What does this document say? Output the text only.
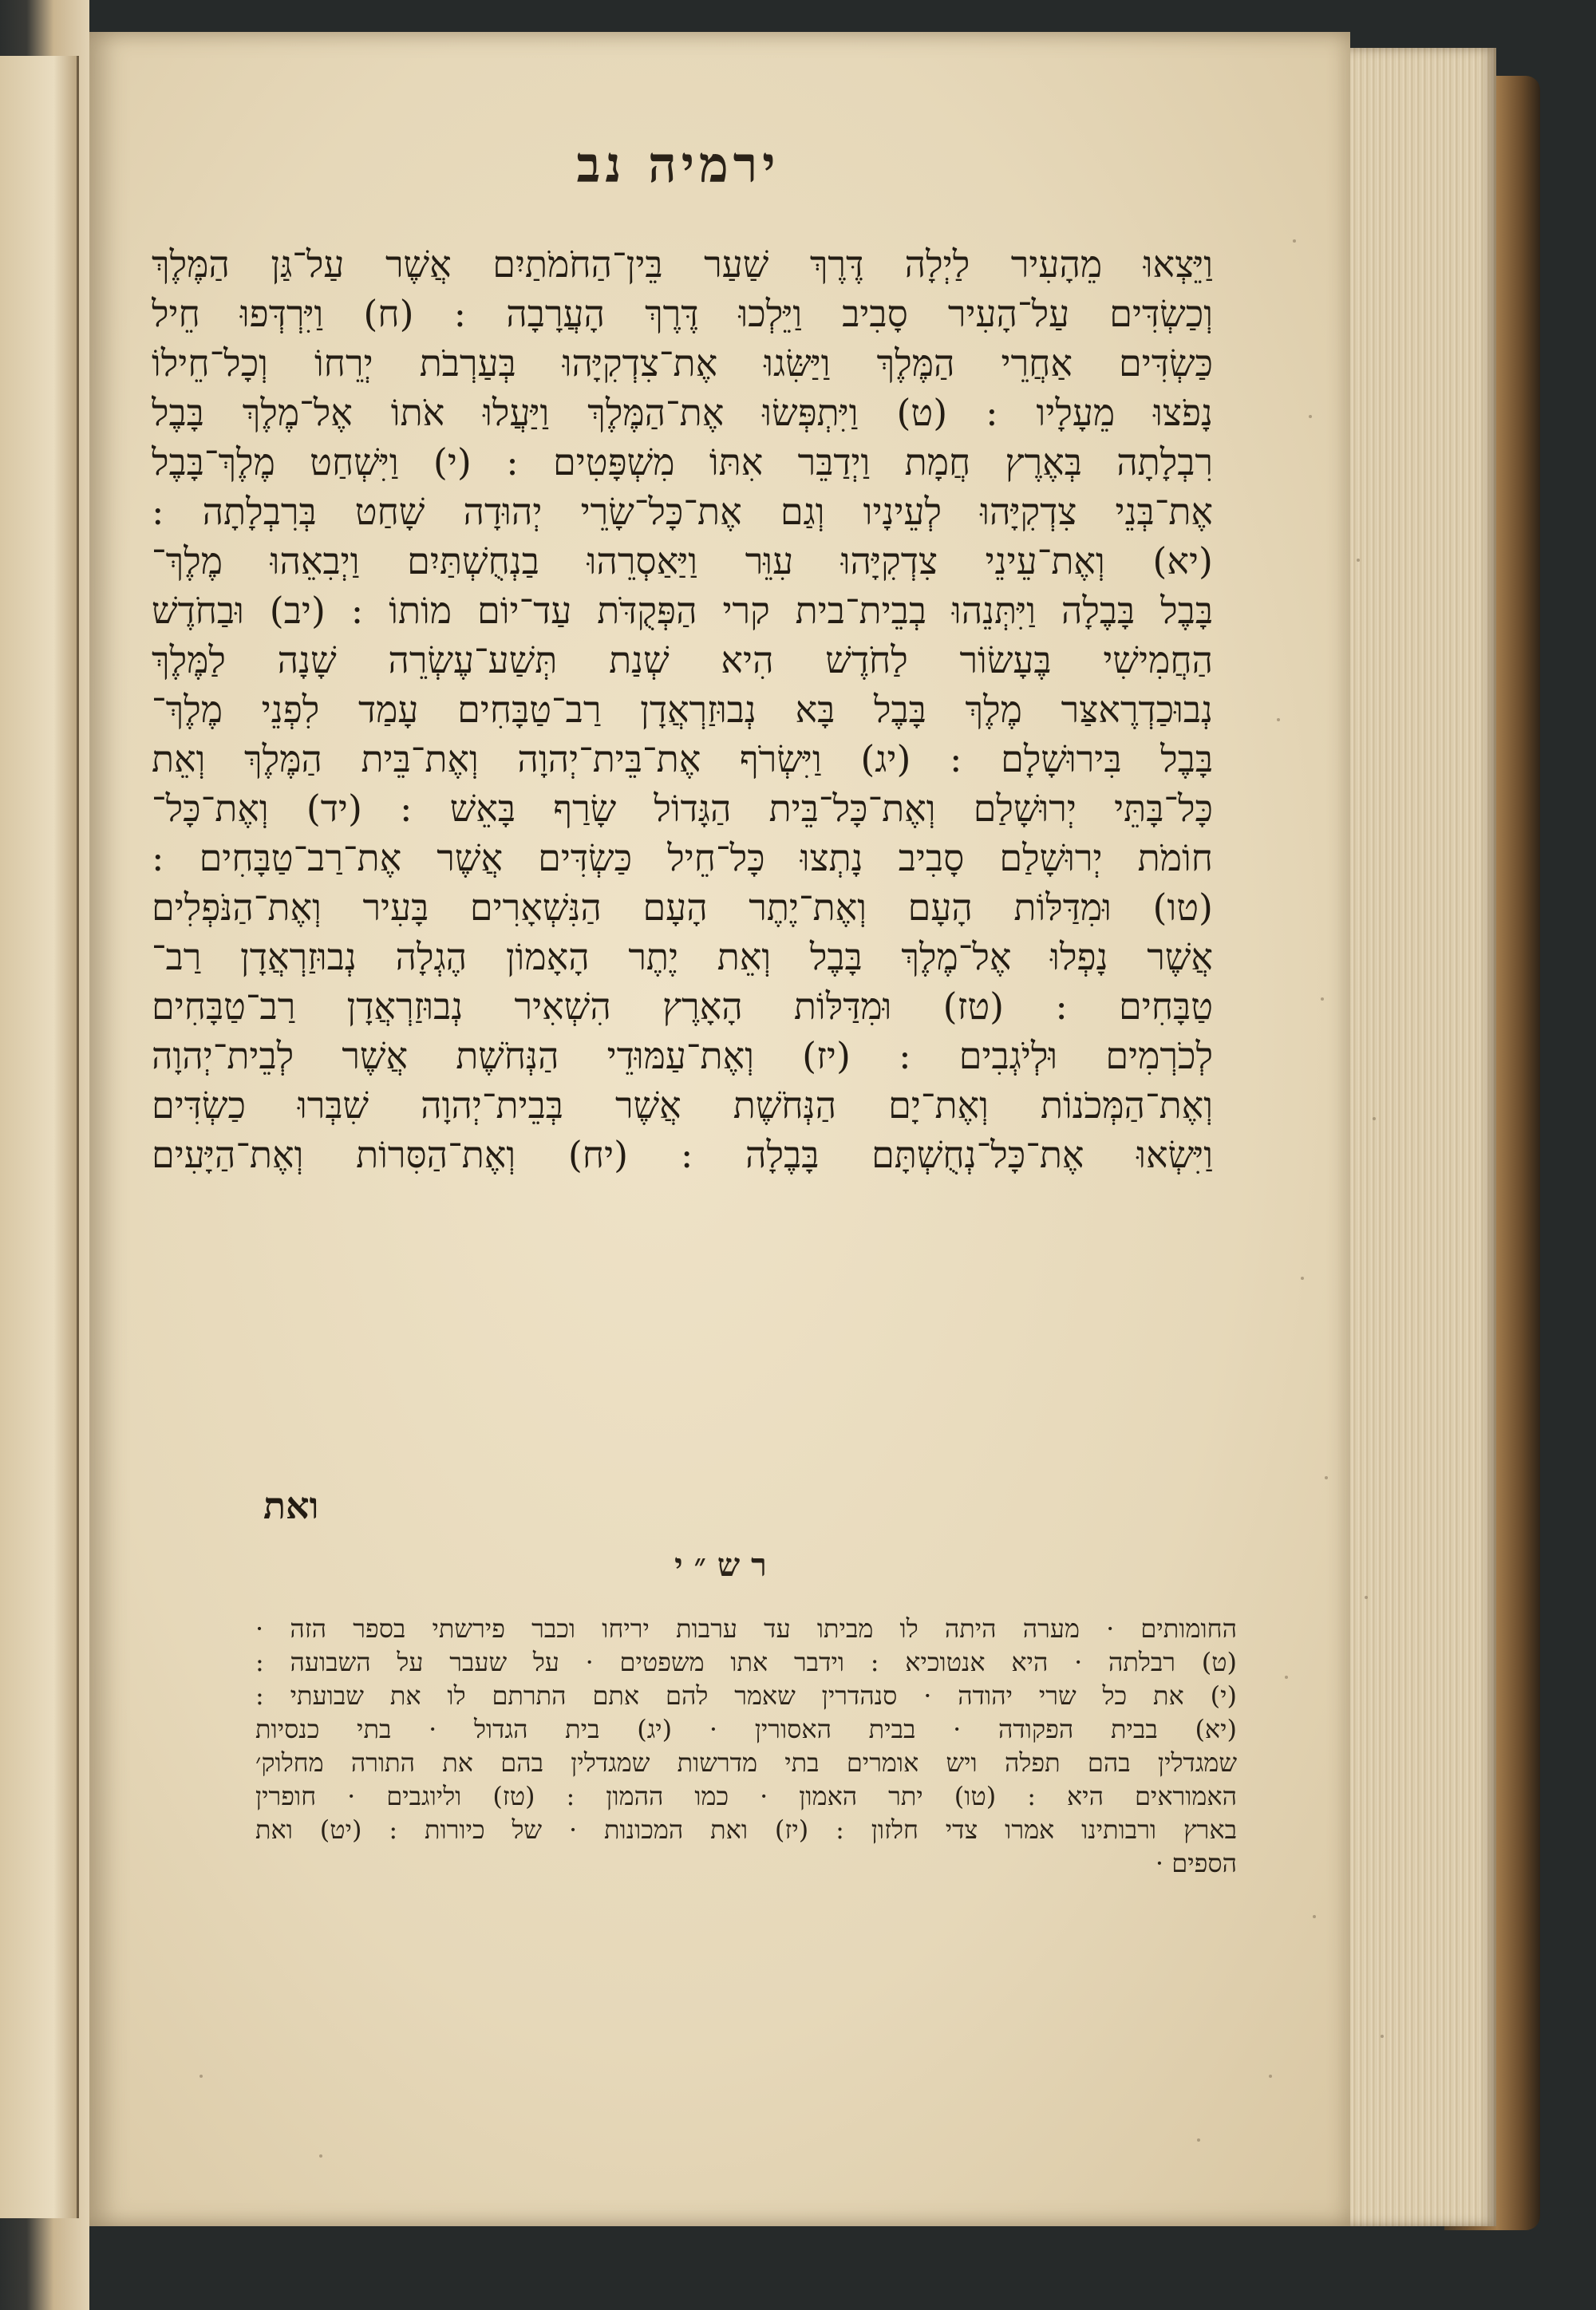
ירמיה נב
וַיֵּצְאוּ מֵהָעִיר לַיְלָה דֶּרֶךְ שַׁעַר בֵּין־הַחֹמֹתַיִם אֲשֶׁר עַל־גַּן הַמֶּלֶךְ
וְכַשְׂדִּים עַל־הָעִיר סָבִיב וַיֵּלְכוּ דֶּרֶךְ הָעֲרָבָה : (ח) וַיִּרְדְּפוּ חֵיל
כַּשְׂדִּים אַחֲרֵי הַמֶּלֶךְ וַיַּשִּׂגוּ אֶת־צִדְקִיָּהוּ בְּעַרְבֹת יְרֵחוֹ וְכָל־חֵילוֹ
נָפֹצוּ מֵעָלָיו : (ט) וַיִּתְפְּשׂוּ אֶת־הַמֶּלֶךְ וַיַּעֲלוּ אֹתוֹ אֶל־מֶלֶךְ בָּבֶל
רִבְלָתָה בְּאֶרֶץ חֲמָת וַיְדַבֵּר אִתּוֹ מִשְׁפָּטִים : (י) וַיִּשְׁחַט מֶלֶךְ־בָּבֶל
אֶת־בְּנֵי צִדְקִיָּהוּ לְעֵינָיו וְגַם אֶת־כָּל־שָׂרֵי יְהוּדָה שָׁחַט בְּרִבְלָתָה :
(יא) וְאֶת־עֵינֵי צִדְקִיָּהוּ עִוֵּר וַיַּאַסְרֵהוּ בַנְחֻשְׁתַּיִם וַיְבִאֵהוּ מֶלֶךְ־
בָּבֶל בָּבֶלָה וַיִּתְּנֵהוּ בְבֵית־בית קרי הַפְּקֻדֹּת עַד־יוֹם מוֹתוֹ : (יב) וּבַחֹדֶשׁ
הַחֲמִישִׁי בֶּעָשׂוֹר לַחֹדֶשׁ הִיא שְׁנַת תְּשַׁע־עֶשְׂרֵה שָׁנָה לַמֶּלֶךְ
נְבוּכַדְרֶאצַּר מֶלֶךְ בָּבֶל בָּא נְבוּזַרְאֲדָן רַב־טַבָּחִים עָמַד לִפְנֵי מֶלֶךְ־
בָּבֶל בִּירוּשָׁלָם : (יג) וַיִּשְׂרֹף אֶת־בֵּית־יְהוָה וְאֶת־בֵּית הַמֶּלֶךְ וְאֵת
כָּל־בָּתֵּי יְרוּשָׁלַם וְאֶת־כָּל־בֵּית הַגָּדוֹל שָׂרַף בָּאֵשׁ : (יד) וְאֶת־כָּל־
חוֹמֹת יְרוּשָׁלַם סָבִיב נָתְצוּ כָּל־חֵיל כַּשְׂדִּים אֲשֶׁר אֶת־רַב־טַבָּחִים :
(טו) וּמִדַּלּוֹת הָעָם וְאֶת־יֶתֶר הָעָם הַנִּשְׁאָרִים בָּעִיר וְאֶת־הַנֹּפְלִים
אֲשֶׁר נָפְלוּ אֶל־מֶלֶךְ בָּבֶל וְאֵת יֶתֶר הָאָמוֹן הֶגְלָה נְבוּזַרְאֲדָן רַב־
טַבָּחִים : (טז) וּמִדַּלּוֹת הָאָרֶץ הִשְׁאִיר נְבוּזַרְאֲדָן רַב־טַבָּחִים
לְכֹרְמִים וּלְיֹגְבִים : (יז) וְאֶת־עַמּוּדֵי הַנְּחֹשֶׁת אֲשֶׁר לְבֵית־יְהוָה
וְאֶת־הַמְּכֹנוֹת וְאֶת־יָם הַנְּחֹשֶׁת אֲשֶׁר בְּבֵית־יְהוָה שִׁבְּרוּ כַשְׂדִּים
וַיִּשְׂאוּ אֶת־כָּל־נְחֻשְׁתָּם בָּבֶלָה : (יח) וְאֶת־הַסִּרוֹת וְאֶת־הַיָּעִים
ואת
רש״י
החומותים · מערה היתה לו מביתו עד ערבות יריחו וכבר פירשתי בספר הזה ·
(ט) רבלתה · היא אנטוכיא : וידבר אתו משפטים · על שעבר על השבועה :
(י) את כל שרי יהודה · סנהדרין שאמר להם אתם התרתם לו את שבועתי :
(יא) בבית הפקודה · בבית האסורין · (יג) בית הגדול · בתי כנסיות
שמגדלין בהם תפלה ויש אומרים בתי מדרשות שמגדלין בהם את התורה מחלוק׳
האמוראים היא : (טו) יתר האמון · כמו ההמון : (טז) וליוגבים · חופרין
בארץ ורבותינו אמרו צדי חלזון : (יז) ואת המכונות · של כיורות : (יט) ואת
הספים ·
